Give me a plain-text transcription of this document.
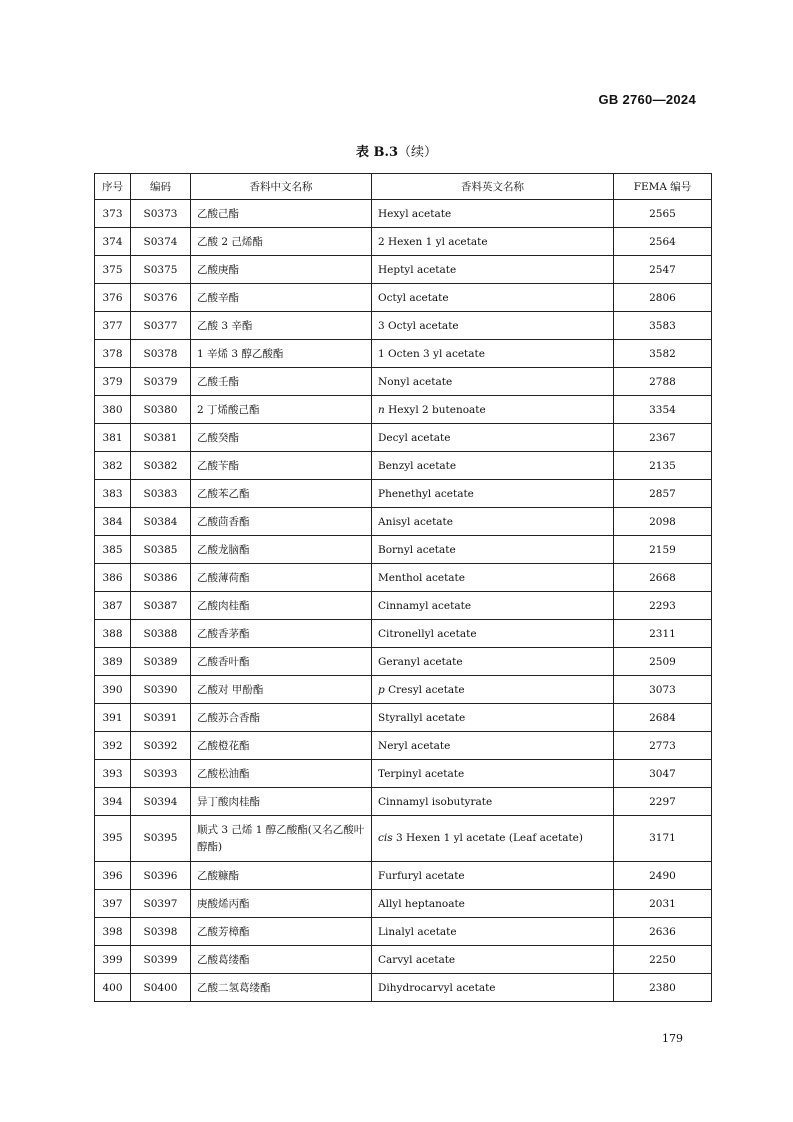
GB 2760—2024
表 B.3（续）
序号	编码	香料中文名称	香料英文名称	FEMA 编号
373	S0373	乙酸己酯	Hexyl acetate	2565
374	S0374	乙酸 2 己烯酯	2 Hexen 1 yl acetate	2564
375	S0375	乙酸庚酯	Heptyl acetate	2547
376	S0376	乙酸辛酯	Octyl acetate	2806
377	S0377	乙酸 3 辛酯	3 Octyl acetate	3583
378	S0378	1 辛烯 3 醇乙酸酯	1 Octen 3 yl acetate	3582
379	S0379	乙酸壬酯	Nonyl acetate	2788
380	S0380	2 丁烯酸己酯	n Hexyl 2 butenoate	3354
381	S0381	乙酸癸酯	Decyl acetate	2367
382	S0382	乙酸苄酯	Benzyl acetate	2135
383	S0383	乙酸苯乙酯	Phenethyl acetate	2857
384	S0384	乙酸茴香酯	Anisyl acetate	2098
385	S0385	乙酸龙脑酯	Bornyl acetate	2159
386	S0386	乙酸薄荷酯	Menthol acetate	2668
387	S0387	乙酸肉桂酯	Cinnamyl acetate	2293
388	S0388	乙酸香茅酯	Citronellyl acetate	2311
389	S0389	乙酸香叶酯	Geranyl acetate	2509
390	S0390	乙酸对 甲酚酯	p Cresyl acetate	3073
391	S0391	乙酸苏合香酯	Styrallyl acetate	2684
392	S0392	乙酸橙花酯	Neryl acetate	2773
393	S0393	乙酸松油酯	Terpinyl acetate	3047
394	S0394	异丁酸肉桂酯	Cinnamyl isobutyrate	2297
395	S0395	顺式 3 己烯 1 醇乙酸酯(又名乙酸叶醇酯)	cis 3 Hexen 1 yl acetate (Leaf acetate)	3171
396	S0396	乙酸糠酯	Furfuryl acetate	2490
397	S0397	庚酸烯丙酯	Allyl heptanoate	2031
398	S0398	乙酸芳樟酯	Linalyl acetate	2636
399	S0399	乙酸葛缕酯	Carvyl acetate	2250
400	S0400	乙酸二氢葛缕酯	Dihydrocarvyl acetate	2380
179
